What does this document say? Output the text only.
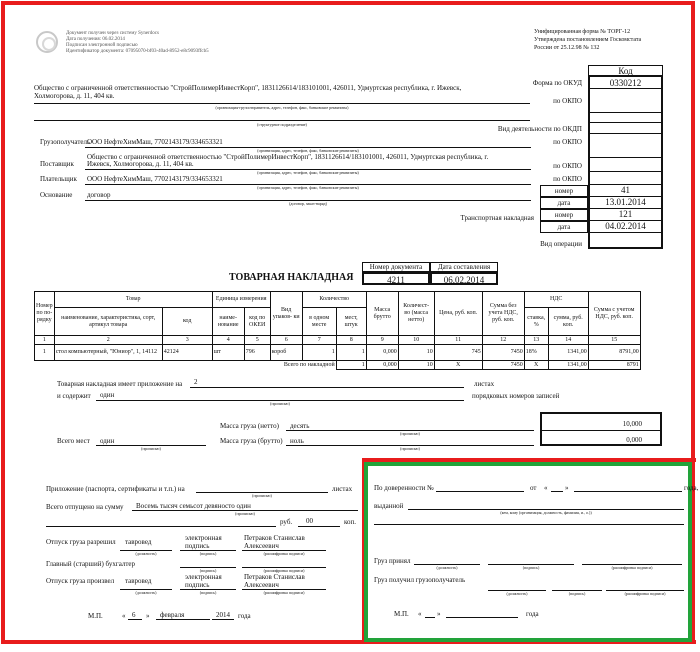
Документ получен через систему Synerdocs
Дата получения: 06.02.2014
Подписан электронной подписью
Идентификатор документа: 07095070-bf03-40ad-8952-e8c9093ffcb5
Унифицированная форма № ТОРГ-12
Утверждена постановлением Госкомстата
России от 25.12.98 № 132
Код
Форма по ОКУД	0330212
по ОКПО
Вид деятельности по ОКДП
по ОКПО
по ОКПО
по ОКПО
номер	41
дата	13.01.2014
Транспортная накладная	номер	121
дата	04.02.2014
Вид операции
Общество с ограниченной ответственностью "СтройПолимерИнвестКорп", 1831126614/183101001, 426011, Удмуртская республика, г. Ижевск,
Холмогорова, д. 11, 404 кв.
(организация-грузоотправитель, адрес, телефон, факс, банковские реквизиты)
(структурное подразделение)
Грузополучатель
ООО НефтеХимМаш, 7702143179/334653321
(организация, адрес, телефон, факс, банковские реквизиты)
Поставщик
Общество с ограниченной ответственностью "СтройПолимерИнвестКорп", 1831126614/183101001, 426011, Удмуртская республика, г.
Ижевск, Холмогорова, д. 11, 404 кв.
(организация, адрес, телефон, факс, банковские реквизиты)
Плательщик ООО НефтеХимМаш, 7702143179/334653321
(организация, адрес, телефон, факс, банковские реквизиты)
Основание договор
(договор, заказ-наряд)
Номер документа	Дата составления
4211	06.02.2014
ТОВАРНАЯ НАКЛАДНАЯ
Номер по по- рядку	Товар		Единица измерения		Вид упаков- ки	Количество		Масса брутто	Количест- во (масса нетто)	Цена, руб. коп.	Сумма без учета НДС, руб. коп.	НДС		Сумма с учетом НДС, руб. коп.
	наименование, характеристика, сорт, артикул товара	код	наиме- нование	код по ОКЕИ		в одном месте	мест, штук					ставка, %	сумма, руб. коп.	
1	2	3	4	5	6	7	8	9	10	11	12	13	14	15
1	стол компьютерный, "Юниор", 1, 14112	42124	шт	796	короб	1	1	0,000	10	745	7450	18%	1341,00	8791,00
Всего по накладной							1	0,000	10	X	7450	X	1341,00	8791
Товарная накладная имеет приложение на 2	листах
и содержит один
(прописью)
порядковых номеров записей
Масса груза (нетто) десять
(прописью)
10,000
Всего мест один
(прописью)
Масса груза (брутто) ноль
(прописью)
0,000
Приложение (паспорта, сертификаты и т.п.) на
(прописью)
листах
Всего отпущено на сумму Восемь тысяч семьсот девяносто один
(прописью)
руб. 00	коп.
Отпуск груза разрешил тавровед	электронная подпись
Петраков Станислав Алексеевич
(должность)	(подпись)	(расшифровка подписи)
Главный (старший) бухгалтер
(подпись)	(расшифровка подписи)
Отпуск груза произвел тавровед	электронная подпись
Петраков Станислав Алексеевич
(должность)	(подпись)	(расшифровка подписи)
М.П.	« 6 » февраля	2014 года
По доверенности №	от «	»	года,
выданной
(кем, кому (организация, должность, фамилия, и., о.))
Груз принял
(должность)	(подпись)	(расшифровка подписи)
Груз получил грузополучатель
(должность)	(подпись)	(расшифровка подписи)
М.П. « »	года
